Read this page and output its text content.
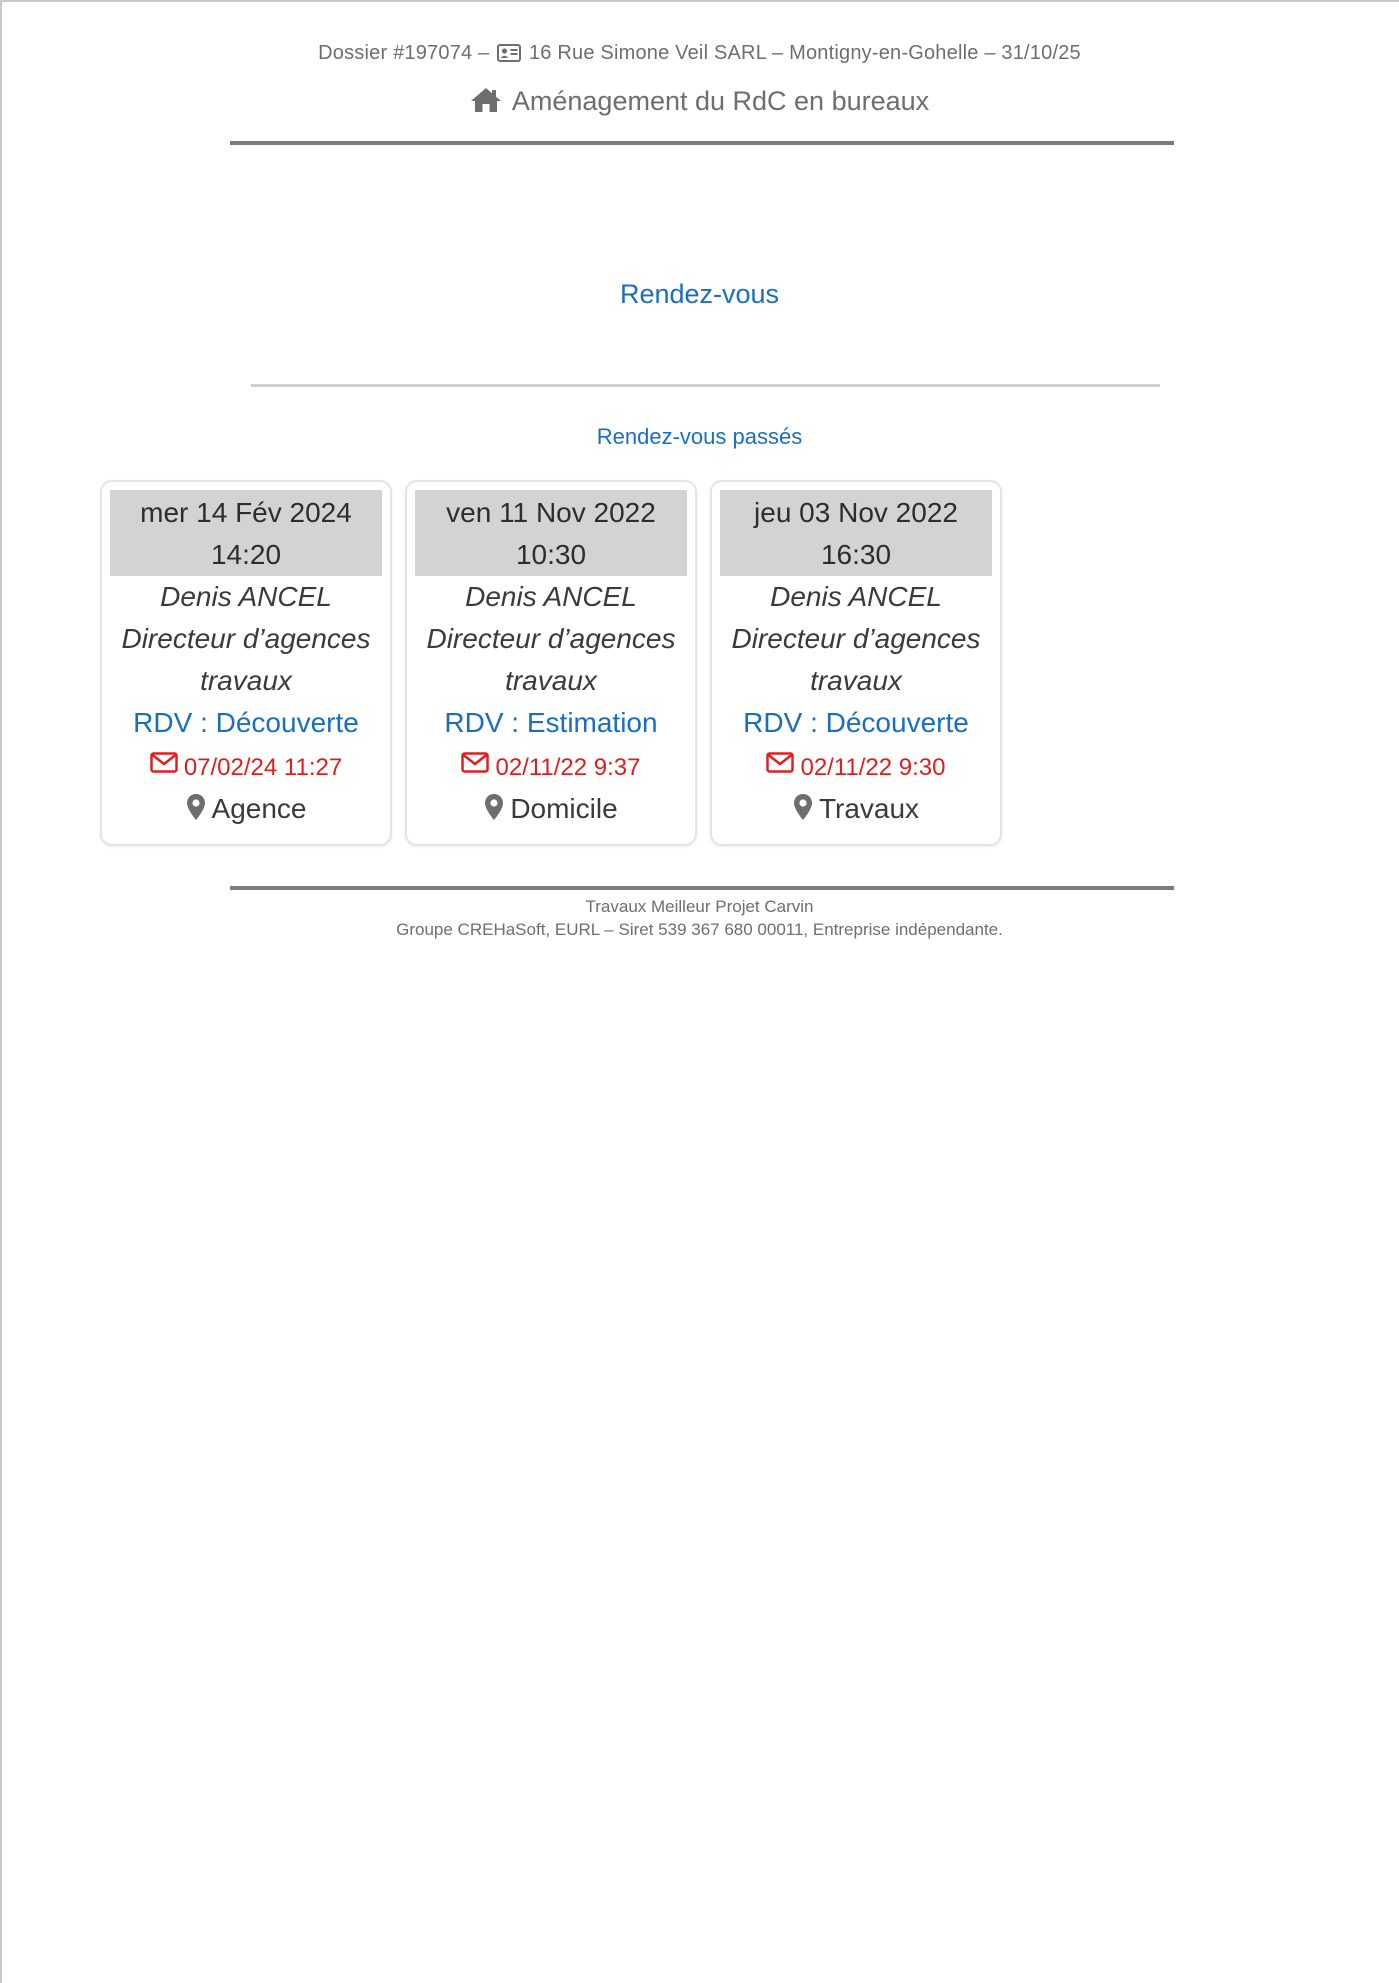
Dossier #197074 – 16 Rue Simone Veil SARL – Montigny-en-Gohelle – 31/10/25
Aménagement du RdC en bureaux
Rendez-vous
Rendez-vous passés
mer 14 Fév 2024
14:20
Denis ANCEL
Directeur d’agences travaux
RDV : Découverte
07/02/24 11:27
Agence
ven 11 Nov 2022
10:30
Denis ANCEL
Directeur d’agences travaux
RDV : Estimation
02/11/22 9:37
Domicile
jeu 03 Nov 2022
16:30
Denis ANCEL
Directeur d’agences travaux
RDV : Découverte
02/11/22 9:30
Travaux
Travaux Meilleur Projet Carvin
Groupe CREHaSoft, EURL – Siret 539 367 680 00011, Entreprise indépendante.
